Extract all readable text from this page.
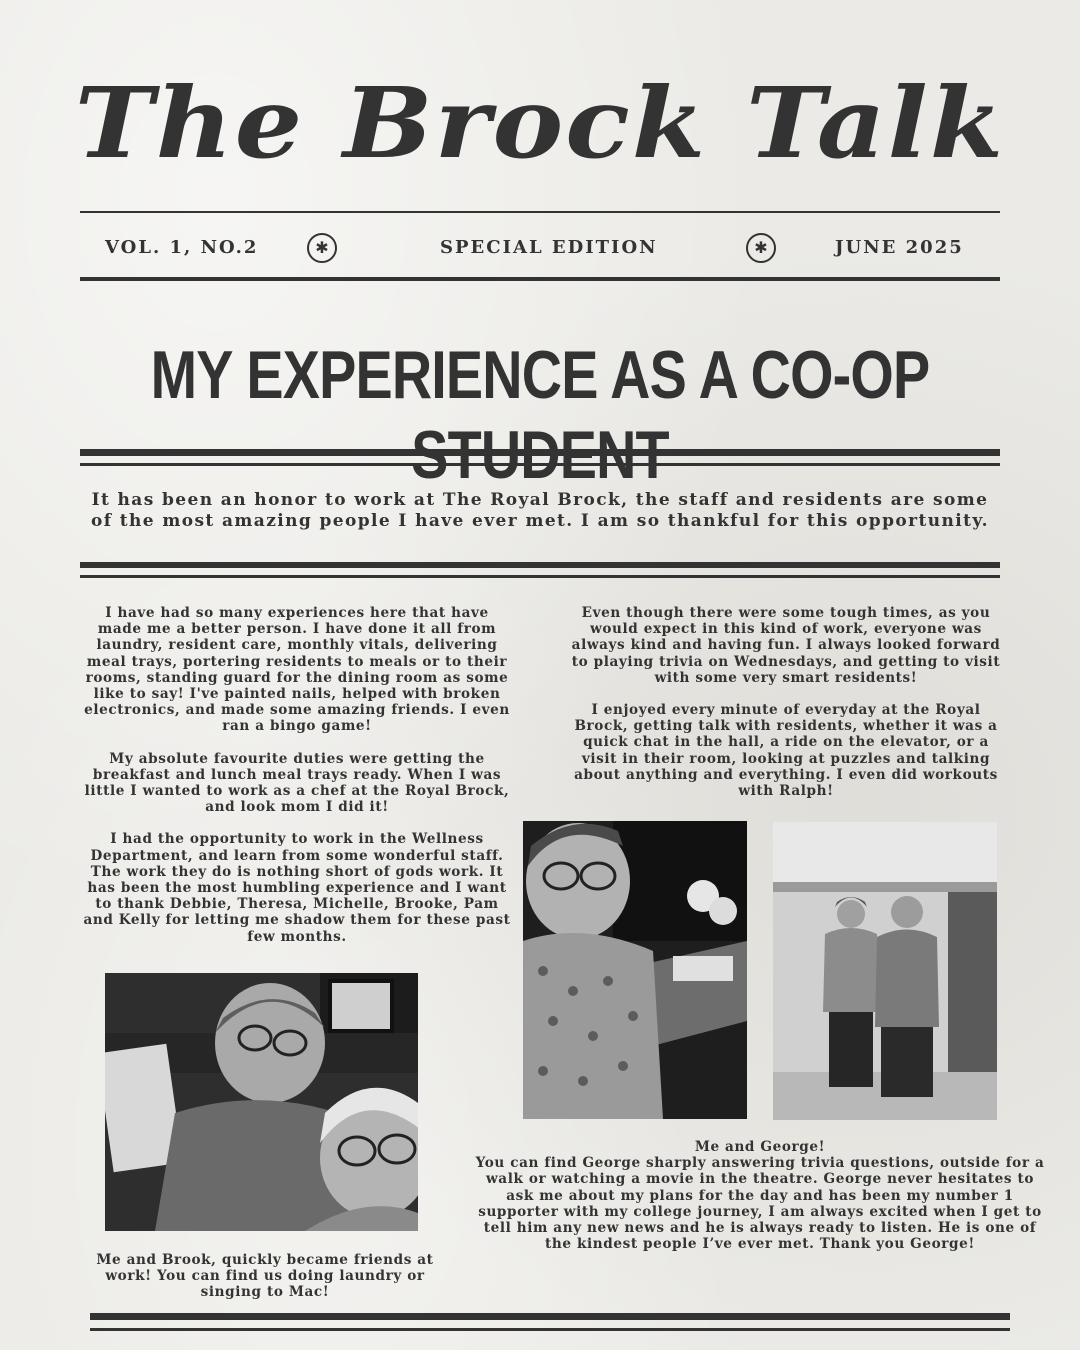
The Brock Talk
VOL. 1, NO.2	✱	SPECIAL EDITION	✱	JUNE 2025
MY EXPERIENCE AS A CO-OP
It has been an honor to work at The Royal Brock, the staff and residents are some of the most amazing people I have ever met. I am so thankful for this opportunity.

I have had so many experiences here that have made me a better person. I have done it all from laundry, resident care, monthly vitals, delivering meal trays, portering residents to meals or to their rooms, standing guard for the dining room as some like to say! I've painted nails, helped with broken electronics, and made some amazing friends. I even ran a bingo game!

My absolute favourite duties were getting the breakfast and lunch meal trays ready. When I was little I wanted to work as a chef at the Royal Brock, and look mom I did it!

I had the opportunity to work in the Wellness Department, and learn from some wonderful staff. The work they do is nothing short of gods work. It has been the most humbling experience and I want to thank Debbie, Theresa, Michelle, Brooke, Pam and Kelly for letting me shadow them for these past few months.

Even though there were some tough times, as you would expect in this kind of work, everyone was always kind and having fun. I always looked forward to playing trivia on Wednesdays, and getting to visit with some very smart residents!

I enjoyed every minute of everyday at the Royal Brock, getting talk with residents, whether it was a quick chat in the hall, a ride on the elevator, or a visit in their room, looking at puzzles and talking about anything and everything. I even did workouts with Ralph!

Me and Brook, quickly became friends at work! You can find us doing laundry or singing to Mac!
Me and George!
You can find George sharply answering trivia questions, outside for a walk or watching a movie in the theatre. George never hesitates to ask me about my plans for the day and has been my number 1 supporter with my college journey, I am always excited when I get to tell him any new news and he is always ready to listen. He is one of the kindest people I’ve ever met. Thank you George!
